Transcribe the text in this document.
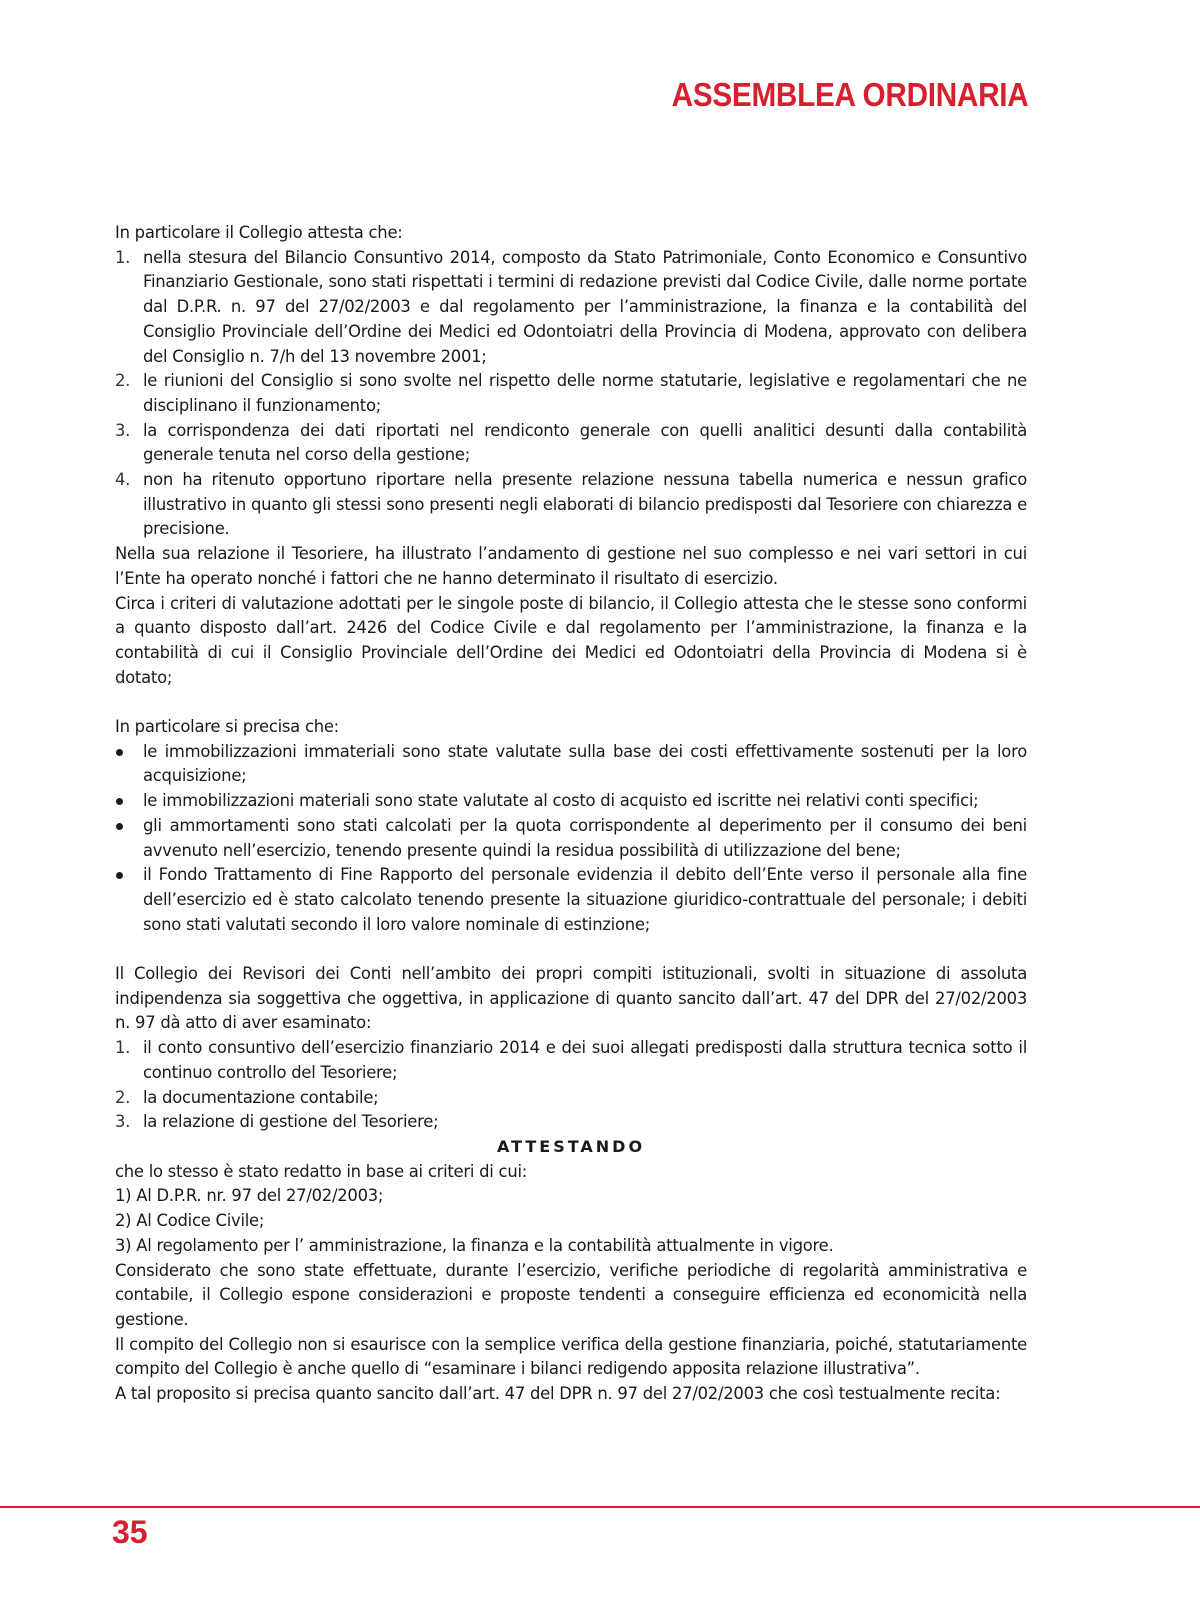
ASSEMBLEA ORDINARIA

In particolare il Collegio attesta che:

1. nella stesura del Bilancio Consuntivo 2014, composto da Stato Patrimoniale, Conto Economico e Consuntivo Finanziario Gestionale, sono stati rispettati i termini di redazione previsti dal Codice Civile, dalle norme portate dal D.P.R. n. 97 del 27/02/2003 e dal regolamento per l’amministrazione, la finanza e la contabilità del Consiglio Provinciale dell’Ordine dei Medici ed Odontoiatri della Provincia di Modena, approvato con delibera del Consiglio n. 7/h del 13 novembre 2001;
2. le riunioni del Consiglio si sono svolte nel rispetto delle norme statutarie, legislative e regolamentari che ne disciplinano il funzionamento;
3. la corrispondenza dei dati riportati nel rendiconto generale con quelli analitici desunti dalla contabilità generale tenuta nel corso della gestione;
4. non ha ritenuto opportuno riportare nella presente relazione nessuna tabella numerica e nessun grafico illustrativo in quanto gli stessi sono presenti negli elaborati di bilancio predisposti dal Tesoriere con chiarezza e precisione.

Nella sua relazione il Tesoriere, ha illustrato l’andamento di gestione nel suo complesso e nei vari settori in cui l’Ente ha operato nonché i fattori che ne hanno determinato il risultato di esercizio.

Circa i criteri di valutazione adottati per le singole poste di bilancio, il Collegio attesta che le stesse sono conformi a quanto disposto dall’art. 2426 del Codice Civile e dal regolamento per l’amministrazione, la finanza e la contabilità di cui il Consiglio Provinciale dell’Ordine dei Medici ed Odontoiatri della Provincia di Modena si è dotato;

In particolare si precisa che:

le immobilizzazioni immateriali sono state valutate sulla base dei costi effettivamente sostenuti per la loro acquisizione;
le immobilizzazioni materiali sono state valutate al costo di acquisto ed iscritte nei relativi conti specifici;
gli ammortamenti sono stati calcolati per la quota corrispondente al deperimento per il consumo dei beni avvenuto nell’esercizio, tenendo presente quindi la residua possibilità di utilizzazione del bene;
il Fondo Trattamento di Fine Rapporto del personale evidenzia il debito dell’Ente verso il personale alla fine dell’esercizio ed è stato calcolato tenendo presente la situazione giuridico-contrattuale del personale; i debiti sono stati valutati secondo il loro valore nominale di estinzione;

Il Collegio dei Revisori dei Conti nell’ambito dei propri compiti istituzionali, svolti in situazione di assoluta indipendenza sia soggettiva che oggettiva, in applicazione di quanto sancito dall’art. 47 del DPR del 27/02/2003 n. 97 dà atto di aver esaminato:

1. il conto consuntivo dell’esercizio finanziario 2014 e dei suoi allegati predisposti dalla struttura tecnica sotto il continuo controllo del Tesoriere;
2. la documentazione contabile;
3. la relazione di gestione del Tesoriere;

ATTESTANDO

che lo stesso è stato redatto in base ai criteri di cui:

1) Al D.P.R. nr. 97 del 27/02/2003;

2) Al Codice Civile;

3) Al regolamento per l’ amministrazione, la finanza e la contabilità attualmente in vigore.

Considerato che sono state effettuate, durante l’esercizio, verifiche periodiche di regolarità amministrativa e contabile, il Collegio espone considerazioni e proposte tendenti a conseguire efficienza ed economicità nella gestione.

Il compito del Collegio non si esaurisce con la semplice verifica della gestione finanziaria, poiché, statutariamente compito del Collegio è anche quello di “esaminare i bilanci redigendo apposita relazione illustrativa”.

A tal proposito si precisa quanto sancito dall’art. 47 del DPR n. 97 del 27/02/2003 che così testualmente recita:

35
